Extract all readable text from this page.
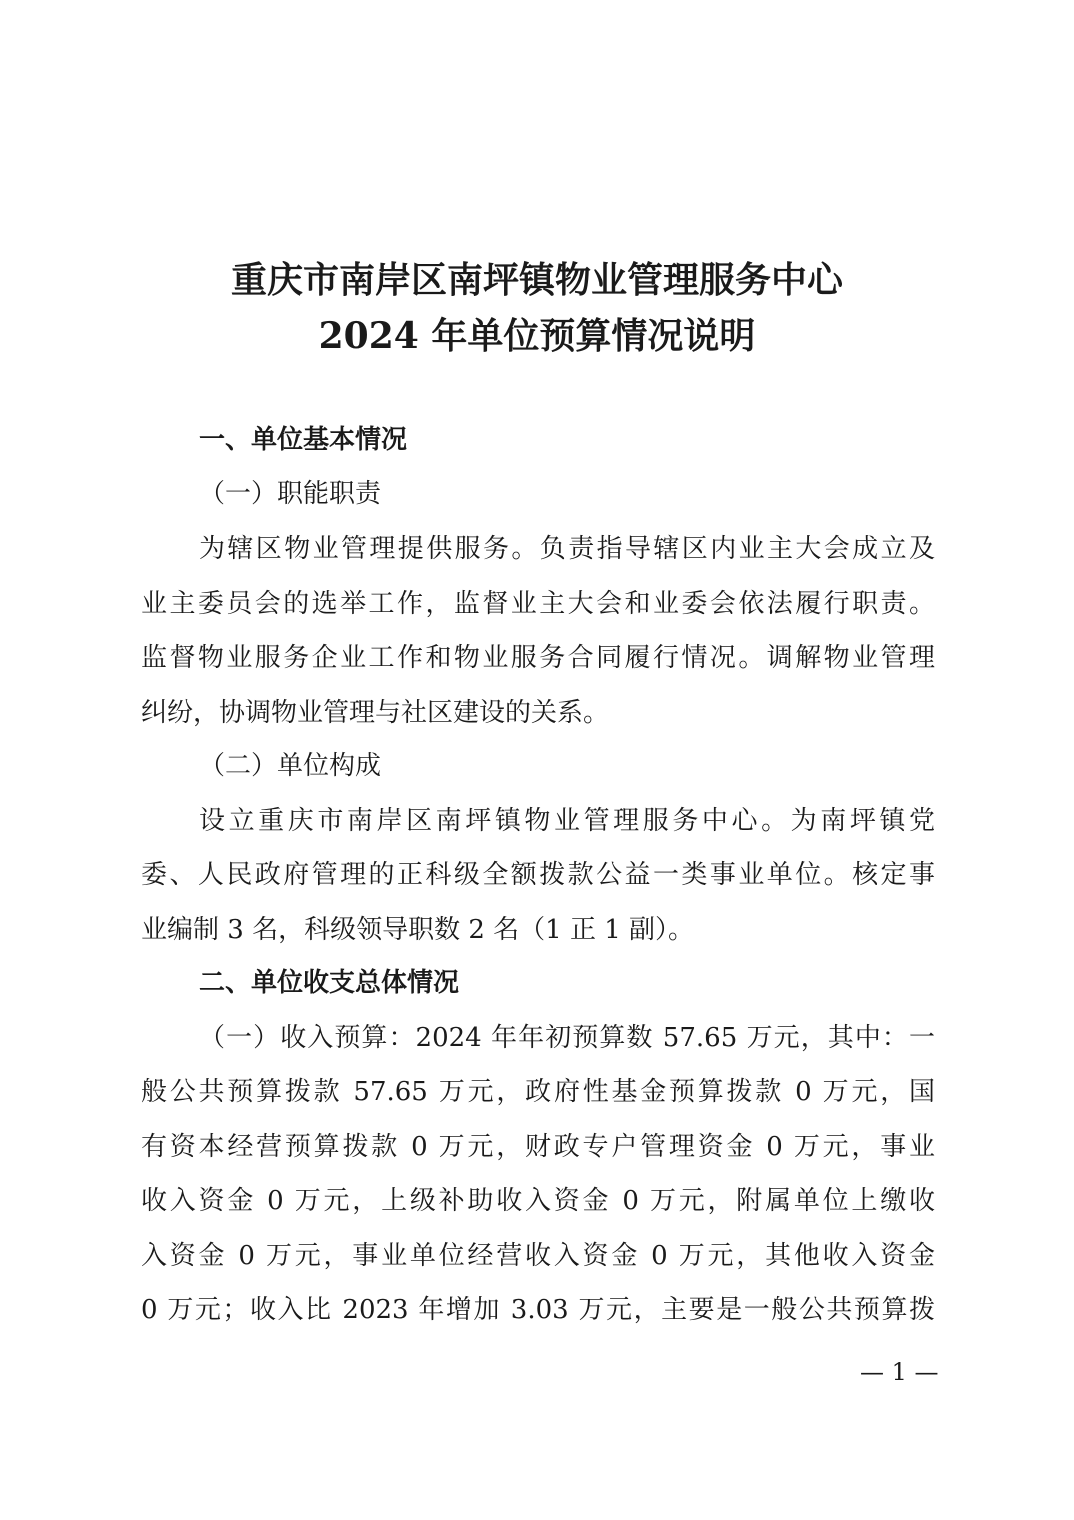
重庆市南岸区南坪镇物业管理服务中心
2024 年单位预算情况说明
一、单位基本情况
（一）职能职责
为辖区物业管理提供服务。负责指导辖区内业主大会成立及
业主委员会的选举工作，监督业主大会和业委会依法履行职责。
监督物业服务企业工作和物业服务合同履行情况。调解物业管理
纠纷，协调物业管理与社区建设的关系。
（二）单位构成
设立重庆市南岸区南坪镇物业管理服务中心。为南坪镇党
委、人民政府管理的正科级全额拨款公益一类事业单位。核定事
业编制 3 名，科级领导职数 2 名（1 正 1 副）。
二、单位收支总体情况
（一）收入预算：2024 年年初预算数 57.65 万元，其中：一
般公共预算拨款 57.65 万元，政府性基金预算拨款 0 万元，国
有资本经营预算拨款 0 万元，财政专户管理资金 0 万元，事业
收入资金 0 万元，上级补助收入资金 0 万元，附属单位上缴收
入资金 0 万元，事业单位经营收入资金 0 万元，其他收入资金
0 万元；收入比 2023 年增加 3.03 万元，主要是一般公共预算拨
— 1 —
